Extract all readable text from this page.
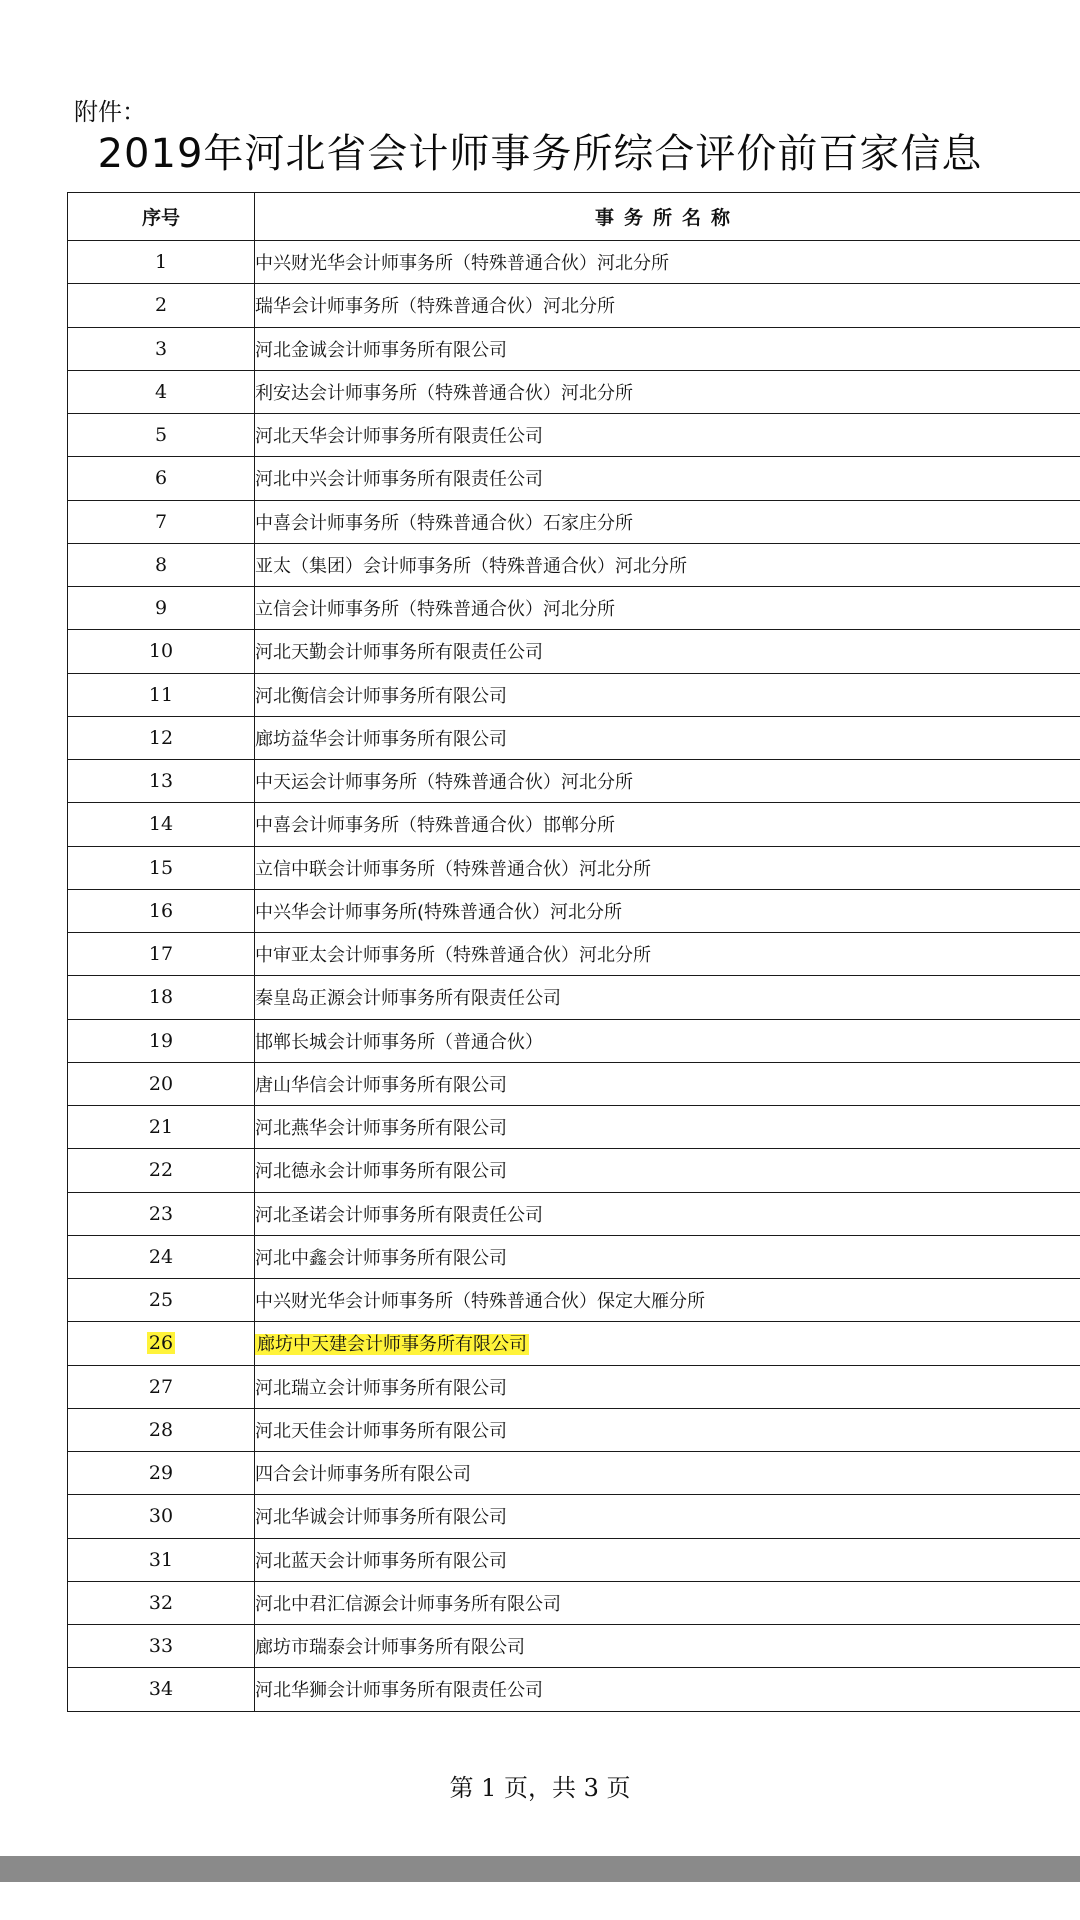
附件：
2019年河北省会计师事务所综合评价前百家信息
序号	事务所名称
1	中兴财光华会计师事务所（特殊普通合伙）河北分所
2	瑞华会计师事务所（特殊普通合伙）河北分所
3	河北金诚会计师事务所有限公司
4	利安达会计师事务所（特殊普通合伙）河北分所
5	河北天华会计师事务所有限责任公司
6	河北中兴会计师事务所有限责任公司
7	中喜会计师事务所（特殊普通合伙）石家庄分所
8	亚太（集团）会计师事务所（特殊普通合伙）河北分所
9	立信会计师事务所（特殊普通合伙）河北分所
10	河北天勤会计师事务所有限责任公司
11	河北衡信会计师事务所有限公司
12	廊坊益华会计师事务所有限公司
13	中天运会计师事务所（特殊普通合伙）河北分所
14	中喜会计师事务所（特殊普通合伙）邯郸分所
15	立信中联会计师事务所（特殊普通合伙）河北分所
16	中兴华会计师事务所(特殊普通合伙）河北分所
17	中审亚太会计师事务所（特殊普通合伙）河北分所
18	秦皇岛正源会计师事务所有限责任公司
19	邯郸长城会计师事务所（普通合伙）
20	唐山华信会计师事务所有限公司
21	河北燕华会计师事务所有限公司
22	河北德永会计师事务所有限公司
23	河北圣诺会计师事务所有限责任公司
24	河北中鑫会计师事务所有限公司
25	中兴财光华会计师事务所（特殊普通合伙）保定大雁分所
26	廊坊中天建会计师事务所有限公司
27	河北瑞立会计师事务所有限公司
28	河北天佳会计师事务所有限公司
29	四合会计师事务所有限公司
30	河北华诚会计师事务所有限公司
31	河北蓝天会计师事务所有限公司
32	河北中君汇信源会计师事务所有限公司
33	廊坊市瑞泰会计师事务所有限公司
34	河北华狮会计师事务所有限责任公司
第 1 页，共 3 页
